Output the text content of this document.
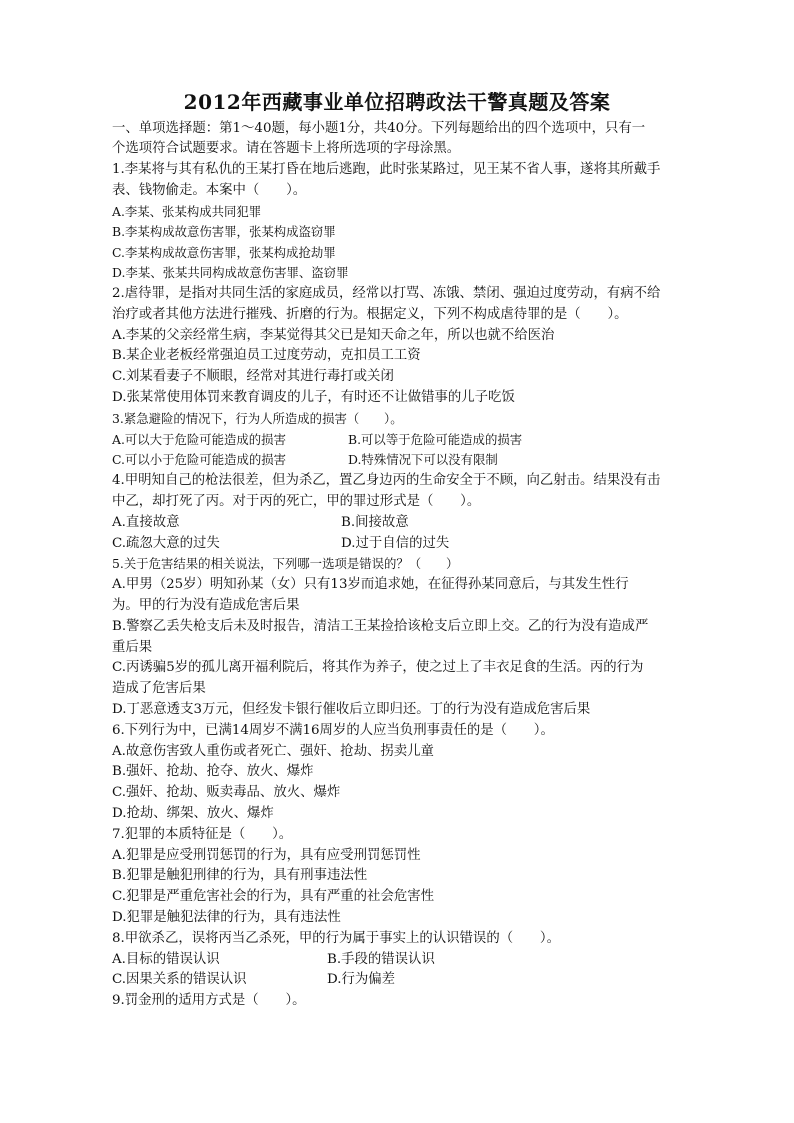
2012年西藏事业单位招聘政法干警真题及答案
一、单项选择题：第1～40题，每小题1分，共40分。下列每题给出的四个选项中，只有一
个选项符合试题要求。请在答题卡上将所选项的字母涂黑。
1.李某将与其有私仇的王某打昏在地后逃跑，此时张某路过，见王某不省人事，遂将其所戴手
表、钱物偷走。本案中（　　）。
A.李某、张某构成共同犯罪
B.李某构成故意伤害罪，张某构成盗窃罪
C.李某构成故意伤害罪，张某构成抢劫罪
D.李某、张某共同构成故意伤害罪、盗窃罪
2.虐待罪，是指对共同生活的家庭成员，经常以打骂、冻饿、禁闭、强迫过度劳动，有病不给
治疗或者其他方法进行摧残、折磨的行为。根据定义，下列不构成虐待罪的是（　　）。
A.李某的父亲经常生病，李某觉得其父已是知天命之年，所以也就不给医治
B.某企业老板经常强迫员工过度劳动，克扣员工工资
C.刘某看妻子不顺眼，经常对其进行毒打或关闭
D.张某常使用体罚来教育调皮的儿子，有时还不让做错事的儿子吃饭
3.紧急避险的情况下，行为人所造成的损害（　　）。
A.可以大于危险可能造成的损害	B.可以等于危险可能造成的损害
C.可以小于危险可能造成的损害	D.特殊情况下可以没有限制
4.甲明知自己的枪法很差，但为杀乙，置乙身边丙的生命安全于不顾，向乙射击。结果没有击
中乙，却打死了丙。对于丙的死亡，甲的罪过形式是（　　）。
A.直接故意	B.间接故意
C.疏忽大意的过失	D.过于自信的过失
5.关于危害结果的相关说法，下列哪一选项是错误的？（　　）
A.甲男（25岁）明知孙某（女）只有13岁而追求她，在征得孙某同意后，与其发生性行
为。甲的行为没有造成危害后果
B.警察乙丢失枪支后未及时报告，清洁工王某捡拾该枪支后立即上交。乙的行为没有造成严
重后果
C.丙诱骗5岁的孤儿离开福利院后，将其作为养子，使之过上了丰衣足食的生活。丙的行为
造成了危害后果
D.丁恶意透支3万元，但经发卡银行催收后立即归还。丁的行为没有造成危害后果
6.下列行为中，已满14周岁不满16周岁的人应当负刑事责任的是（　　）。
A.故意伤害致人重伤或者死亡、强奸、抢劫、拐卖儿童
B.强奸、抢劫、抢夺、放火、爆炸
C.强奸、抢劫、贩卖毒品、放火、爆炸
D.抢劫、绑架、放火、爆炸
7.犯罪的本质特征是（　　）。
A.犯罪是应受刑罚惩罚的行为，具有应受刑罚惩罚性
B.犯罪是触犯刑律的行为，具有刑事违法性
C.犯罪是严重危害社会的行为，具有严重的社会危害性
D.犯罪是触犯法律的行为，具有违法性
8.甲欲杀乙，误将丙当乙杀死，甲的行为属于事实上的认识错误的（　　）。
A.目标的错误认识	B.手段的错误认识
C.因果关系的错误认识	D.行为偏差
9.罚金刑的适用方式是（　　）。
